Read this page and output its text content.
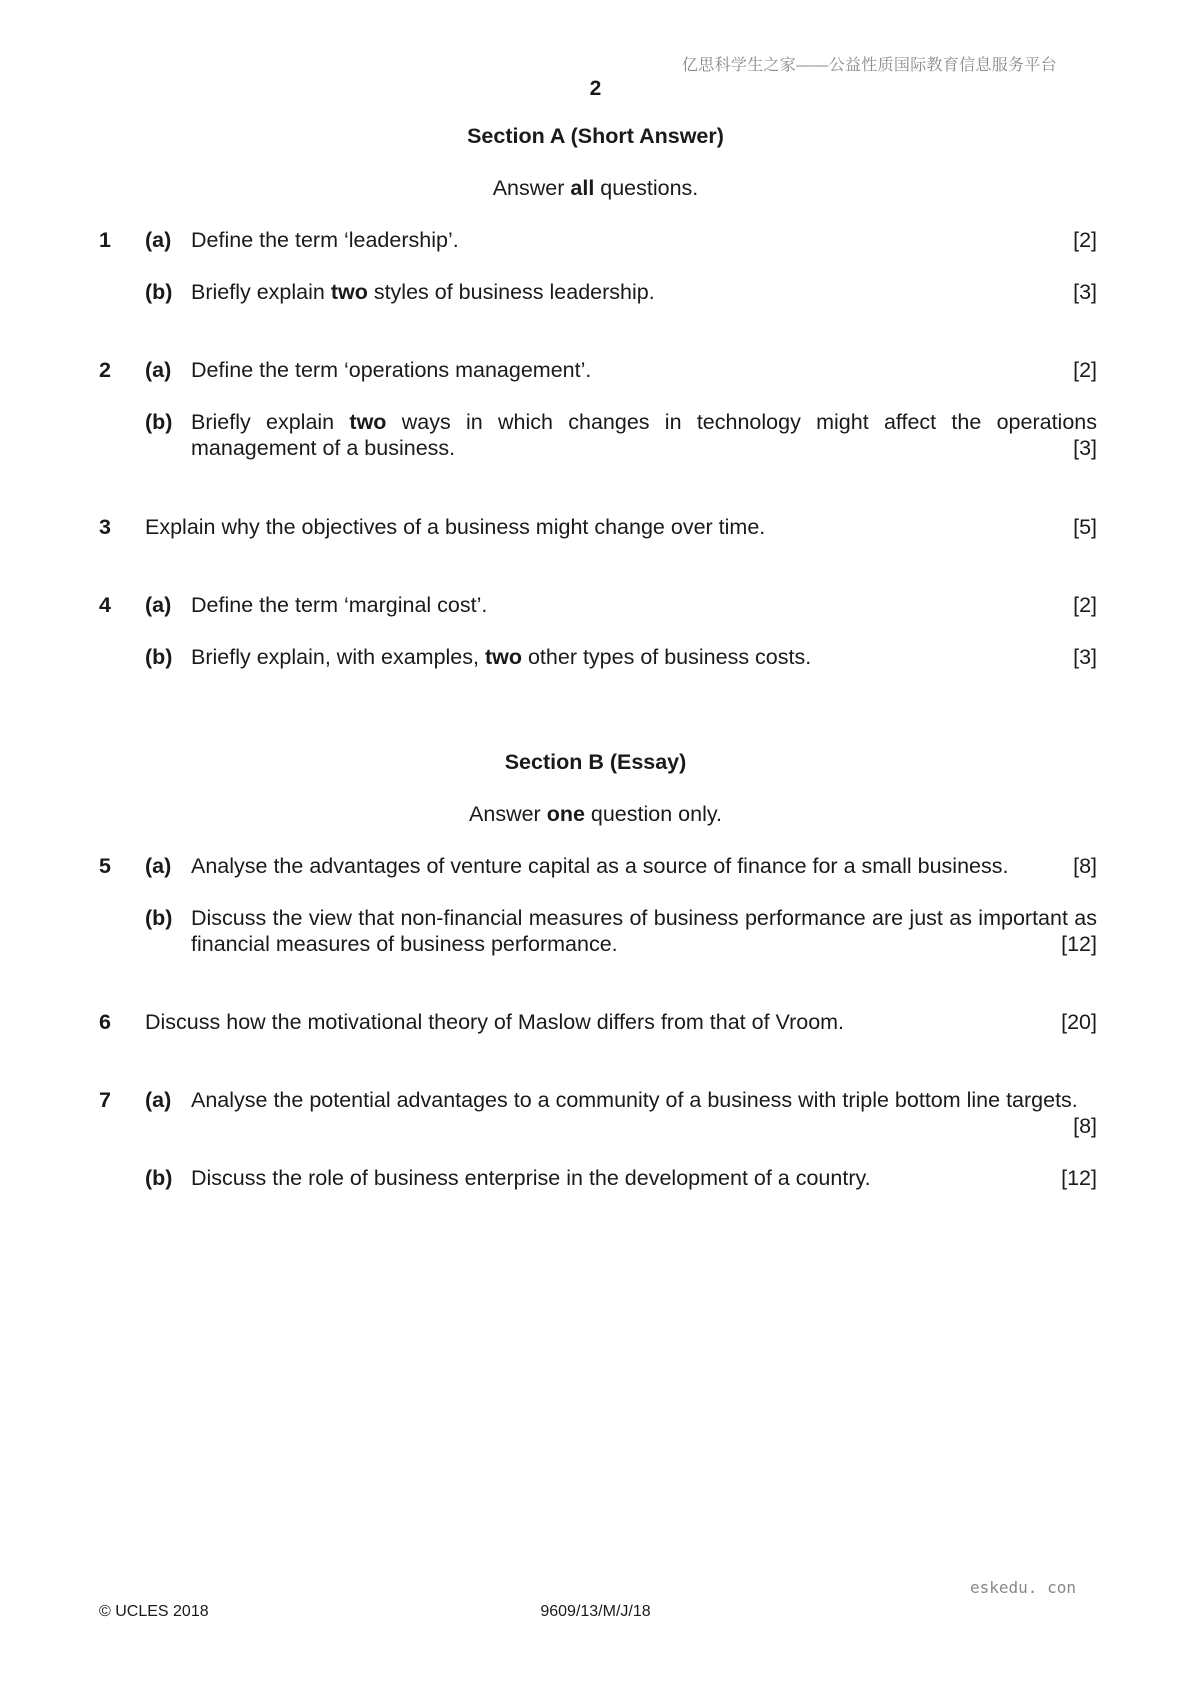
亿思科学生之家——公益性质国际教育信息服务平台
2
Section A (Short Answer)
Answer all questions.
1 (a) Define the term ‘leadership’.	[2]
(b) Briefly explain two styles of business leadership.	[3]
2 (a) Define the term ‘operations management’.	[2]
(b) Briefly explain two ways in which changes in technology might affect the operations management of a business.	[3]
3 Explain why the objectives of a business might change over time.	[5]
4 (a) Define the term ‘marginal cost’.	[2]
(b) Briefly explain, with examples, two other types of business costs.	[3]
Section B (Essay)
Answer one question only.
5 (a) Analyse the advantages of venture capital as a source of finance for a small business.	[8]
(b) Discuss the view that non-financial measures of business performance are just as important as financial measures of business performance.	[12]
6 Discuss how the motivational theory of Maslow differs from that of Vroom.	[20]
7 (a) Analyse the potential advantages to a community of a business with triple bottom line targets.
[8]
(b) Discuss the role of business enterprise in the development of a country.	[12]
eskedu. con
© UCLES 2018	9609/13/M/J/18
